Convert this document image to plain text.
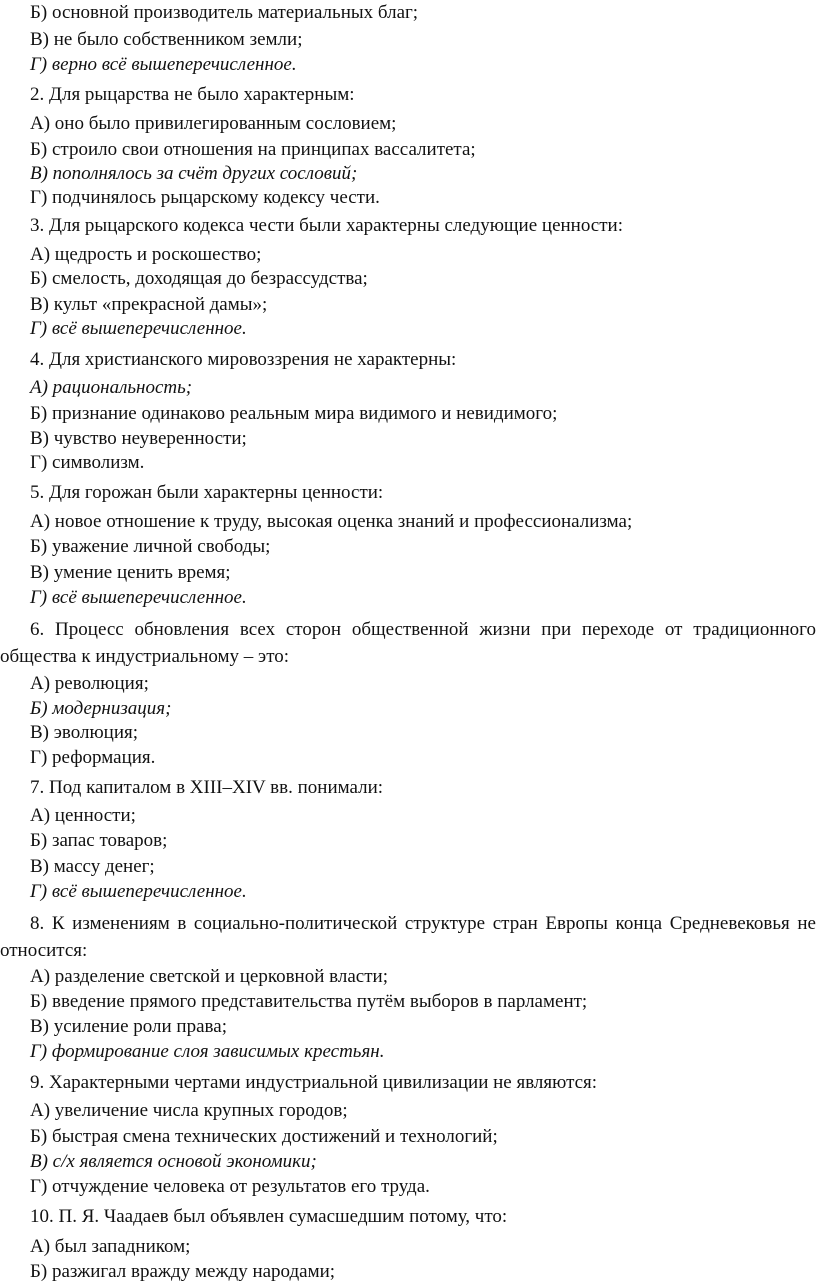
Б) основной производитель материальных благ;
В) не было собственником земли;
Г) верно всё вышеперечисленное.
2. Для рыцарства не было характерным:
А) оно было привилегированным сословием;
Б) строило свои отношения на принципах вассалитета;
В) пополнялось за счёт других сословий;
Г) подчинялось рыцарскому кодексу чести.
3. Для рыцарского кодекса чести были характерны следующие ценности:
А) щедрость и роскошество;
Б) смелость, доходящая до безрассудства;
В) культ «прекрасной дамы»;
Г) всё вышеперечисленное.
4. Для христианского мировоззрения не характерны:
А) рациональность;
Б) признание одинаково реальным мира видимого и невидимого;
В) чувство неуверенности;
Г) символизм.
5. Для горожан были характерны ценности:
А) новое отношение к труду, высокая оценка знаний и профессионализма;
Б) уважение личной свободы;
В) умение ценить время;
Г) всё вышеперечисленное.
6. Процесс обновления всех сторон общественной жизни при переходе от традиционного общества к индустриальному – это:
А) революция;
Б) модернизация;
В) эволюция;
Г) реформация.
7. Под капиталом в XIII–XIV вв. понимали:
А) ценности;
Б) запас товаров;
В) массу денег;
Г) всё вышеперечисленное.
8. К изменениям в социально-политической структуре стран Европы конца Средневековья не относится:
А) разделение светской и церковной власти;
Б) введение прямого представительства путём выборов в парламент;
В) усиление роли права;
Г) формирование слоя зависимых крестьян.
9. Характерными чертами индустриальной цивилизации не являются:
А) увеличение числа крупных городов;
Б) быстрая смена технических достижений и технологий;
В) с/х является основой экономики;
Г) отчуждение человека от результатов его труда.
10. П. Я. Чаадаев был объявлен сумасшедшим потому, что:
А) был западником;
Б) разжигал вражду между народами;
